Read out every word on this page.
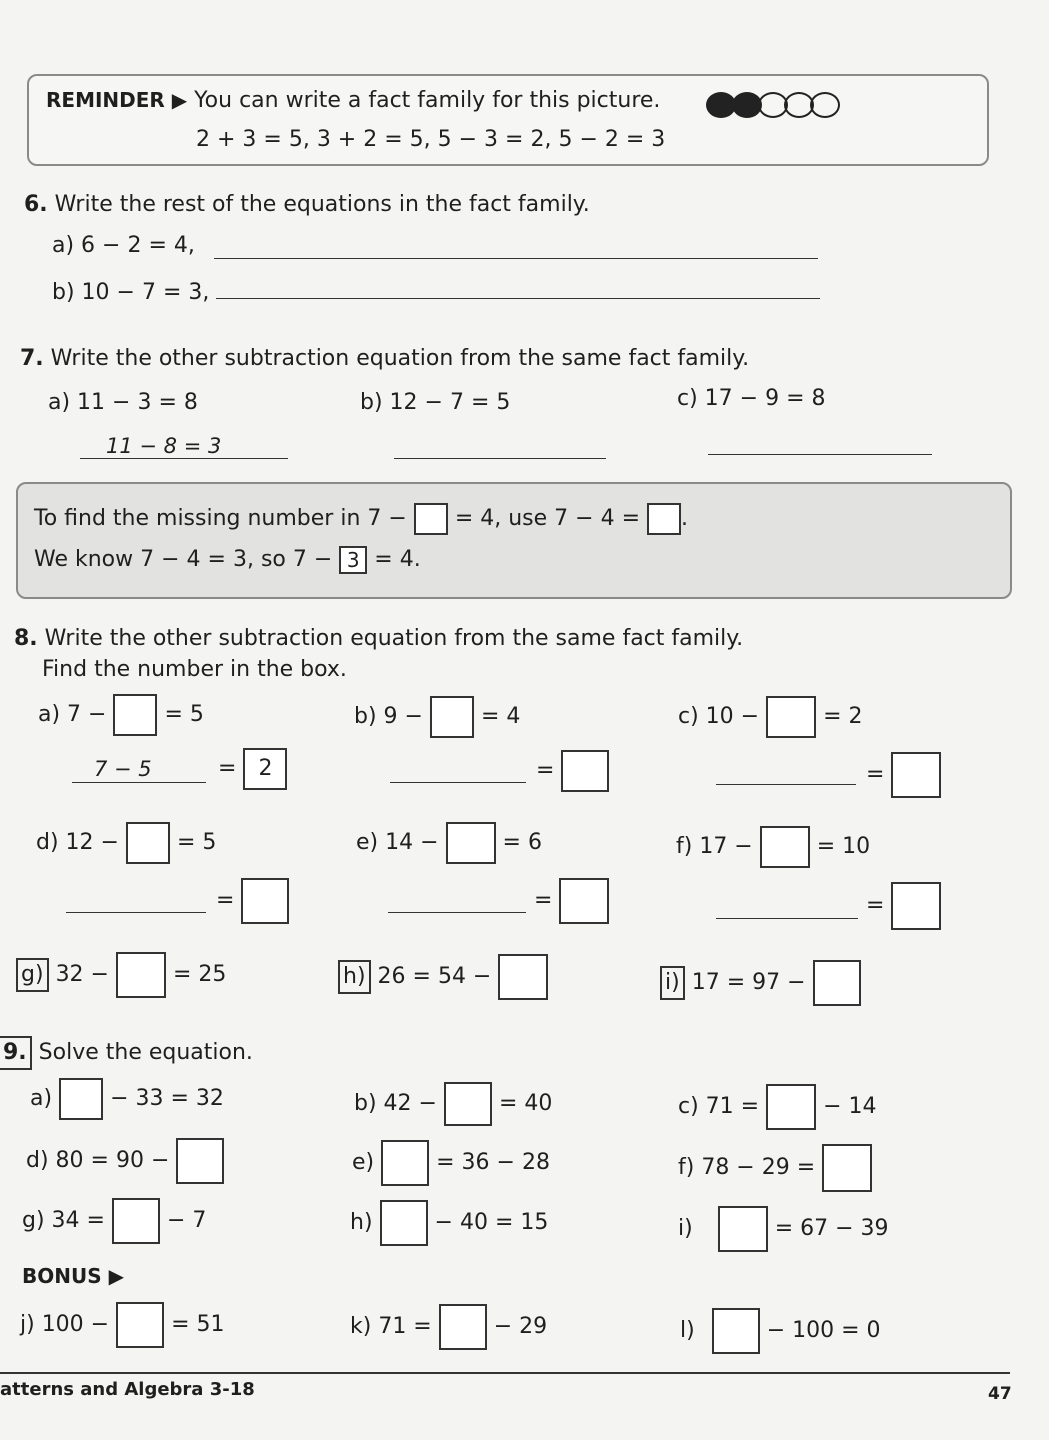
REMINDER ▶ You can write a fact family for this picture.
2 + 3 = 5, 3 + 2 = 5, 5 − 3 = 2, 5 − 2 = 3
6. Write the rest of the equations in the fact family.
a) 6 − 2 = 4,
b) 10 − 7 = 3,
7. Write the other subtraction equation from the same fact family.
a) 11 − 3 = 8	b) 12 − 7 = 5	c) 17 − 9 = 8
11 − 8 = 3
To find the missing number in 7 − = 4, use 7 − 4 = .
We know 7 − 4 = 3, so 7 − 3 = 4.
8. Write the other subtraction equation from the same fact family.
Find the number in the box.
a) 7 −	= 5	b) 9 −	= 4	c) 10 −	= 2
7 − 5	= 2	=	=
d) 12 −	= 5	e) 14 −	= 6	f) 17 −	= 10
=	=	=
g) 32 −	= 25	h) 26 = 54 −	i) 17 = 97 −
9. Solve the equation.
a)	− 33 = 32	b) 42 −	= 40	c) 71 =	− 14
d) 80 = 90 −	e)	= 36 − 28	f) 78 − 29 =
g) 34 =	− 7	h)	− 40 = 15	i)	= 67 − 39
BONUS ▶
j) 100 −	= 51	k) 71 =	− 29	l)	− 100 = 0
atterns and Algebra 3-18	47
